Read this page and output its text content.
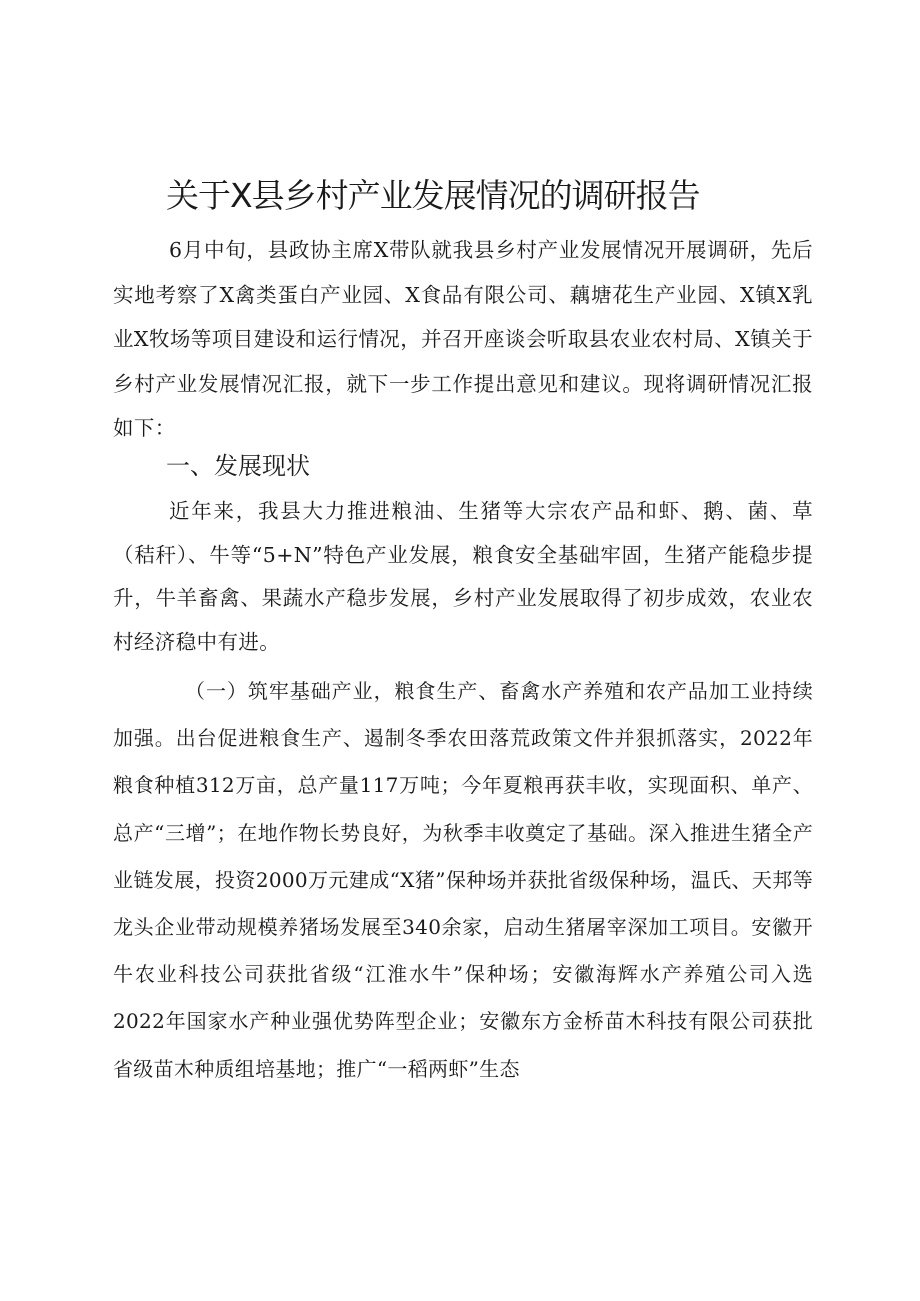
关于X县乡村产业发展情况的调研报告

6月中旬，县政协主席X带队就我县乡村产业发展情况开展调研，先后实地考察了X禽类蛋白产业园、X食品有限公司、藕塘花生产业园、X镇X乳业X牧场等项目建设和运行情况，并召开座谈会听取县农业农村局、X镇关于乡村产业发展情况汇报，就下一步工作提出意见和建议。现将调研情况汇报如下：

一、发展现状

近年来，我县大力推进粮油、生猪等大宗农产品和虾、鹅、菌、草（秸秆）、牛等“5+N”特色产业发展，粮食安全基础牢固，生猪产能稳步提升，牛羊畜禽、果蔬水产稳步发展，乡村产业发展取得了初步成效，农业农村经济稳中有进。

（一）筑牢基础产业，粮食生产、畜禽水产养殖和农产品加工业持续加强。出台促进粮食生产、遏制冬季农田落荒政策文件并狠抓落实，2022年粮食种植312万亩，总产量117万吨；今年夏粮再获丰收，实现面积、单产、总产“三增”；在地作物长势良好，为秋季丰收奠定了基础。深入推进生猪全产业链发展，投资2000万元建成“X猪”保种场并获批省级保种场，温氏、天邦等龙头企业带动规模养猪场发展至340余家，启动生猪屠宰深加工项目。安徽开牛农业科技公司获批省级“江淮水牛”保种场；安徽海辉水产养殖公司入选2022年国家水产种业强优势阵型企业；安徽东方金桥苗木科技有限公司获批省级苗木种质组培基地；推广“一稻两虾”生态
